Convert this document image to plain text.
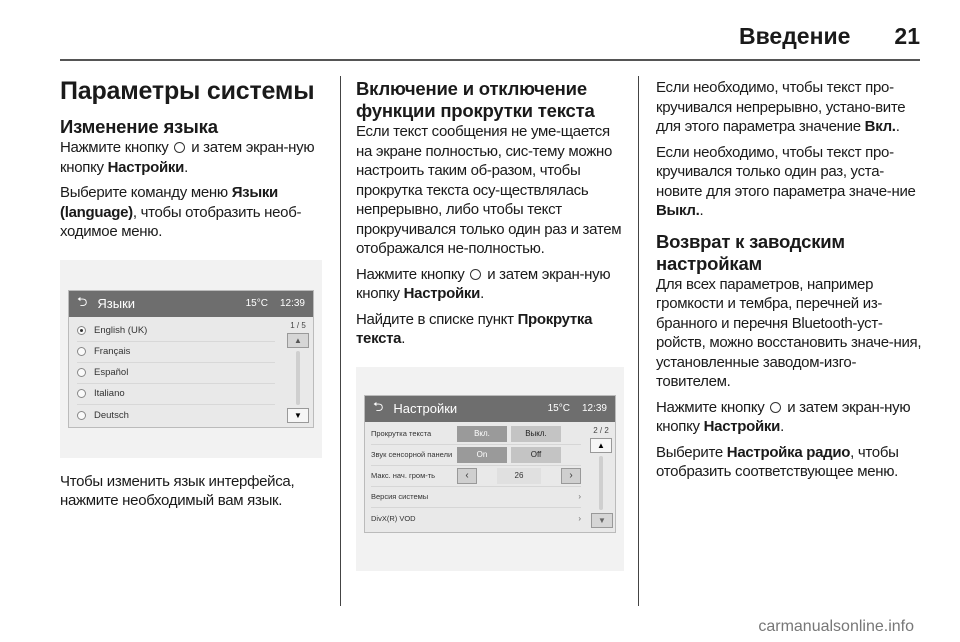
Введение 21
Параметры системы
Изменение языка

Нажмите кнопку и затем экран-ную кнопку Настройки.

Выберите команду меню Языки (language), чтобы отобразить необ-ходимое меню.

⮌ Языки	15°C 12:39
English (UK)
Français
Español
Italiano
Deutsch
1 / 5
▲
▼

Чтобы изменить язык интерфейса, нажмите необходимый вам язык.

Включение и отключение функции прокрутки текста

Если текст сообщения не уме-щается на экране полностью, сис-тему можно настроить таким об-разом, чтобы прокрутка текста осу-ществлялась непрерывно, либо чтобы текст прокручивался только один раз и затем отображался не-полностью.

Нажмите кнопку и затем экран-ную кнопку Настройки.

Найдите в списке пункт Прокрутка текста.

⮌ Настройки	15°C 12:39
Прокрутка текста	Вкл.	Выкл.
Звук сенсорной панели	On	Off
Макс. нач. гром-ть	‹	26	›
Версия системы	›
DivX(R) VOD	›
2 / 2
▲
▼

Если необходимо, чтобы текст про-кручивался непрерывно, устано-вите для этого параметра значение Вкл..

Если необходимо, чтобы текст про-кручивался только один раз, уста-новите для этого параметра значе-ние Выкл..

Возврат к заводским настройкам

Для всех параметров, например громкости и тембра, перечней из-бранного и перечня Bluetooth-уст-ройств, можно восстановить значе-ния, установленные заводом-изго-товителем.

Нажмите кнопку и затем экран-ную кнопку Настройки.

Выберите Настройка радио, чтобы отобразить соответствующее меню.

carmanualsonline.info
